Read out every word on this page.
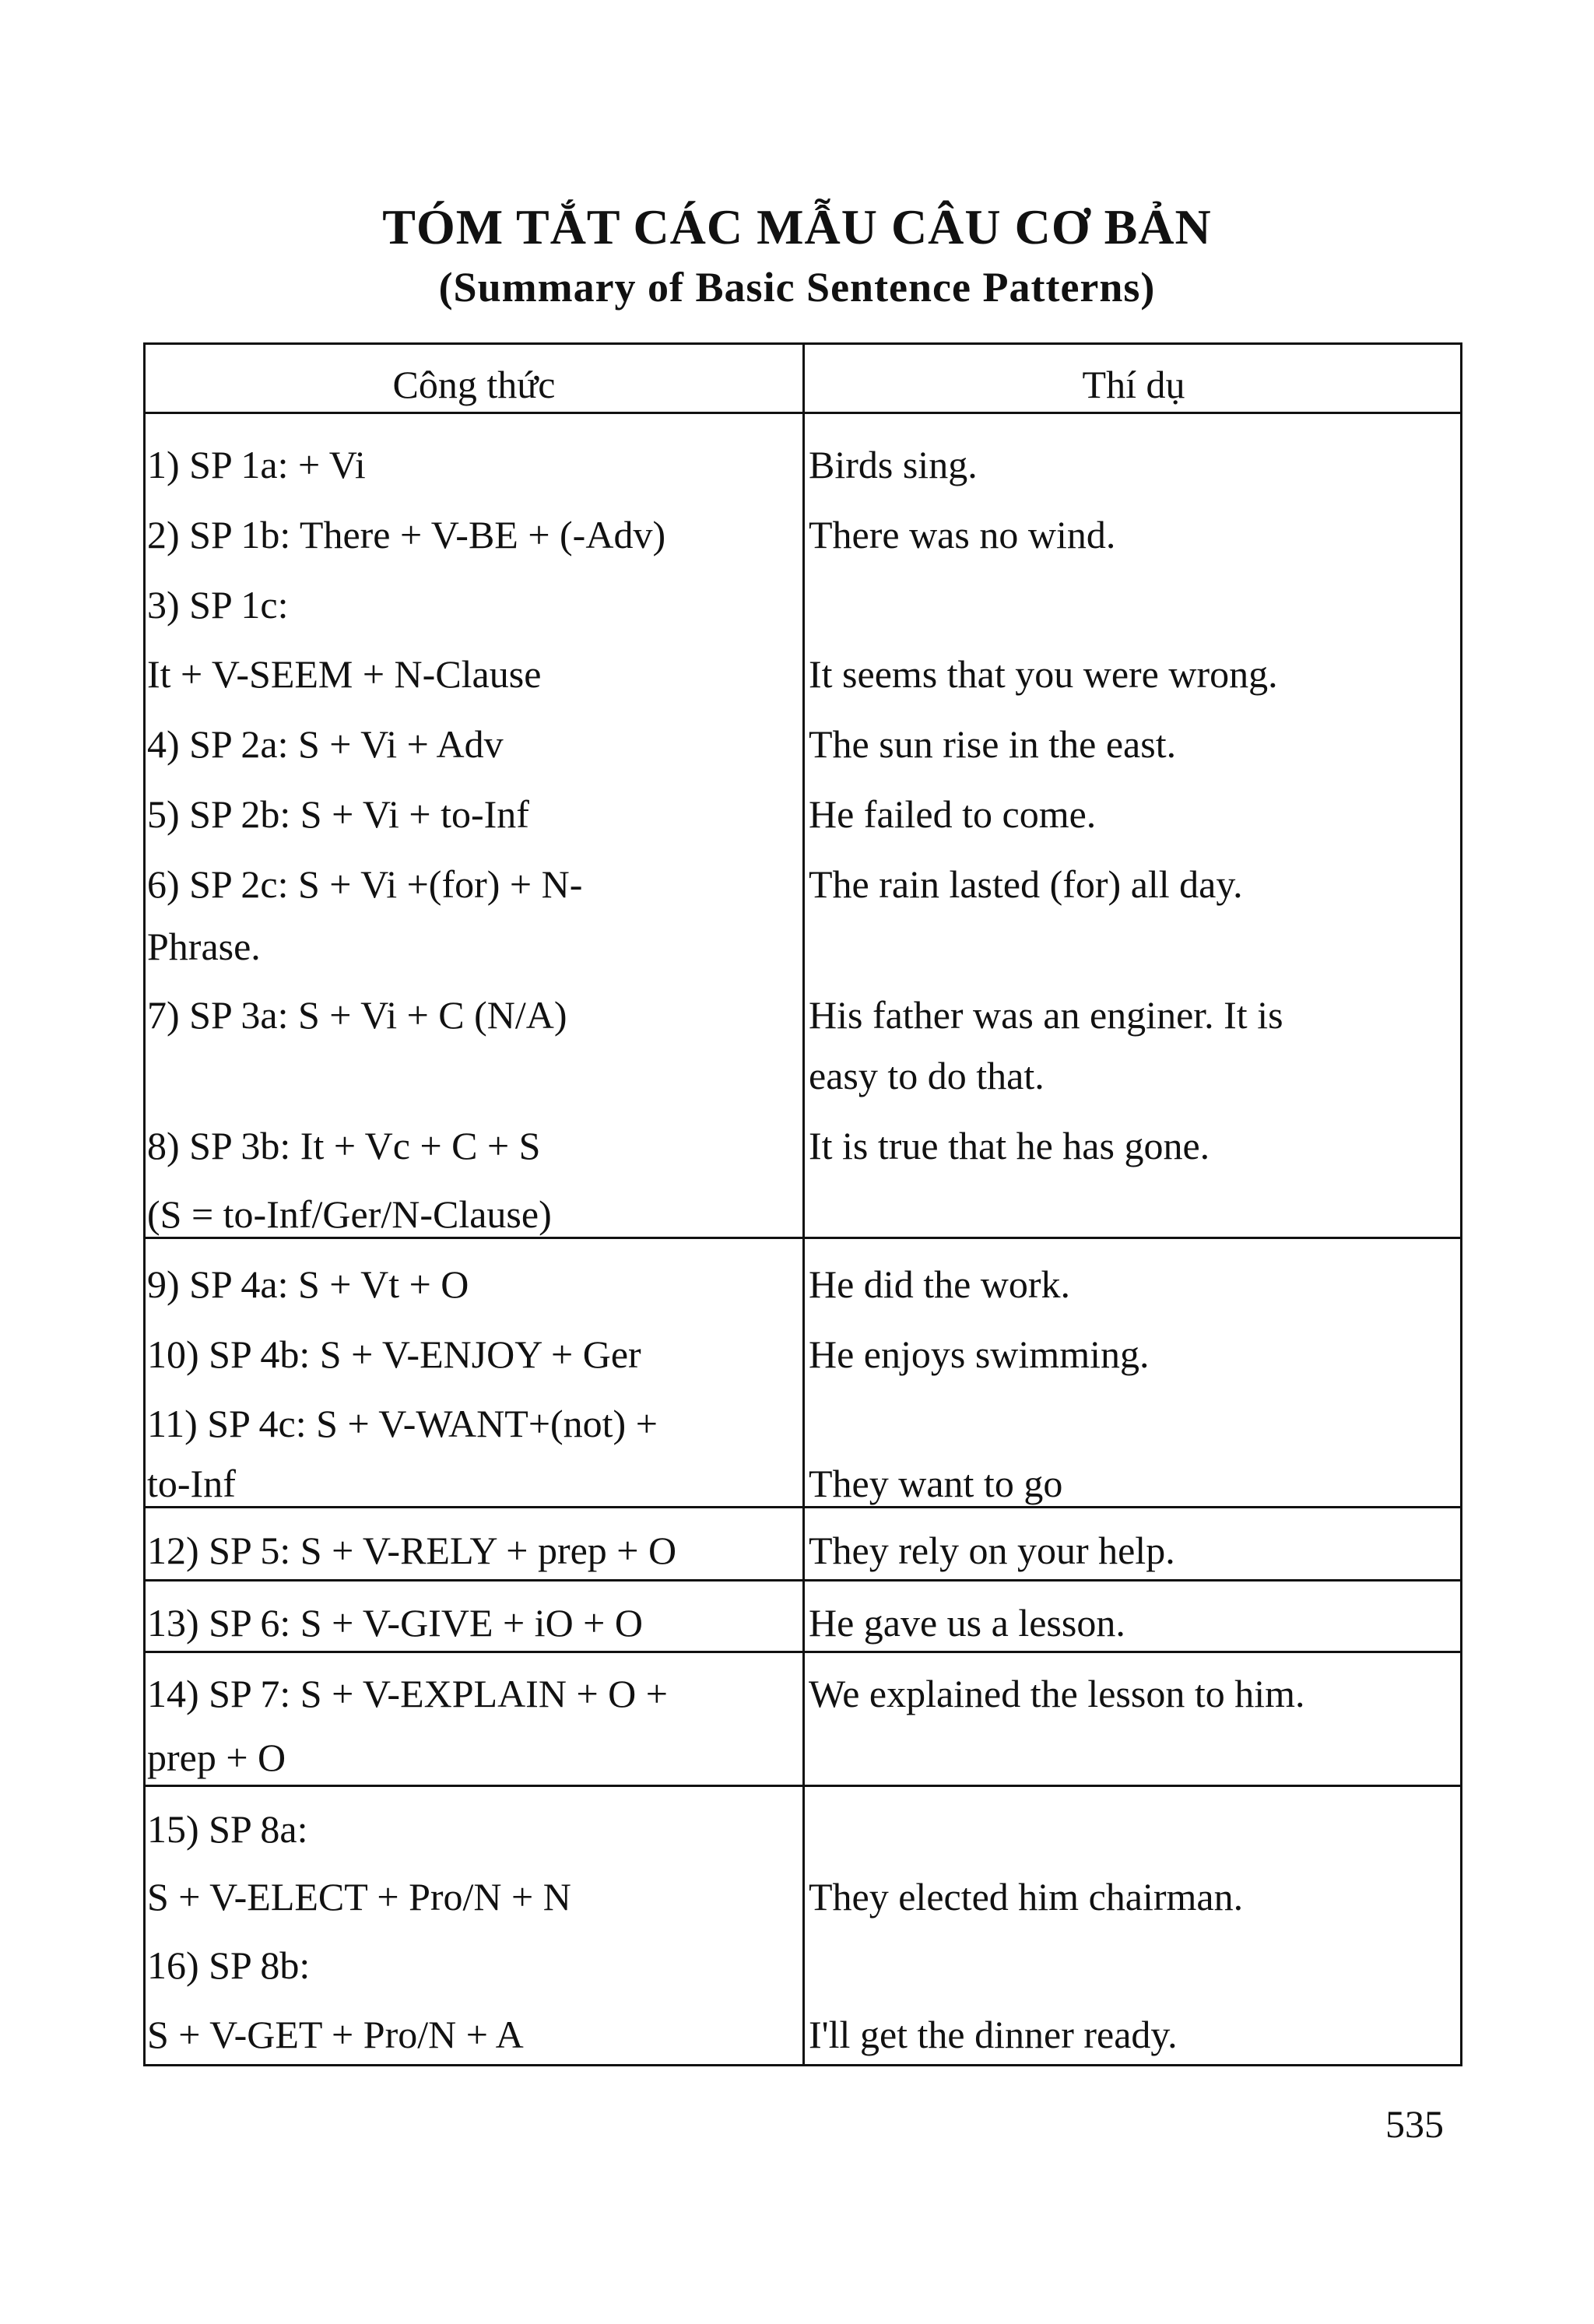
TÓM TẮT CÁC MẪU CÂU CƠ BẢN
(Summary of Basic Sentence Patterns)
Công thức	Thí dụ
1) SP 1a: + Vi	Birds sing.
2) SP 1b: There + V-BE + (-Adv)	There was no wind.
3) SP 1c:
It + V-SEEM + N-Clause	It seems that you were wrong.
4) SP 2a: S + Vi + Adv	The sun rise in the east.
5) SP 2b: S + Vi + to-Inf	He failed to come.
6) SP 2c: S + Vi +(for) + N-	The rain lasted (for) all day.
Phrase.
7) SP 3a: S + Vi + C (N/A)	His father was an enginer. It is
easy to do that.
8) SP 3b: It + Vc + C + S	It is true that he has gone.
(S = to-Inf/Ger/N-Clause)
9) SP 4a: S + Vt + O	He did the work.
10) SP 4b: S + V-ENJOY + Ger	He enjoys swimming.
11) SP 4c: S + V-WANT+(not) +
to-Inf	They want to go
12) SP 5: S + V-RELY + prep + O	They rely on your help.
13) SP 6: S + V-GIVE + iO + O	He gave us a lesson.
14) SP 7: S + V-EXPLAIN + O +	We explained the lesson to him.
prep + O
15) SP 8a:
S + V-ELECT + Pro/N + N	They elected him chairman.
16) SP 8b:
S + V-GET + Pro/N + A	I'll get the dinner ready.
535
